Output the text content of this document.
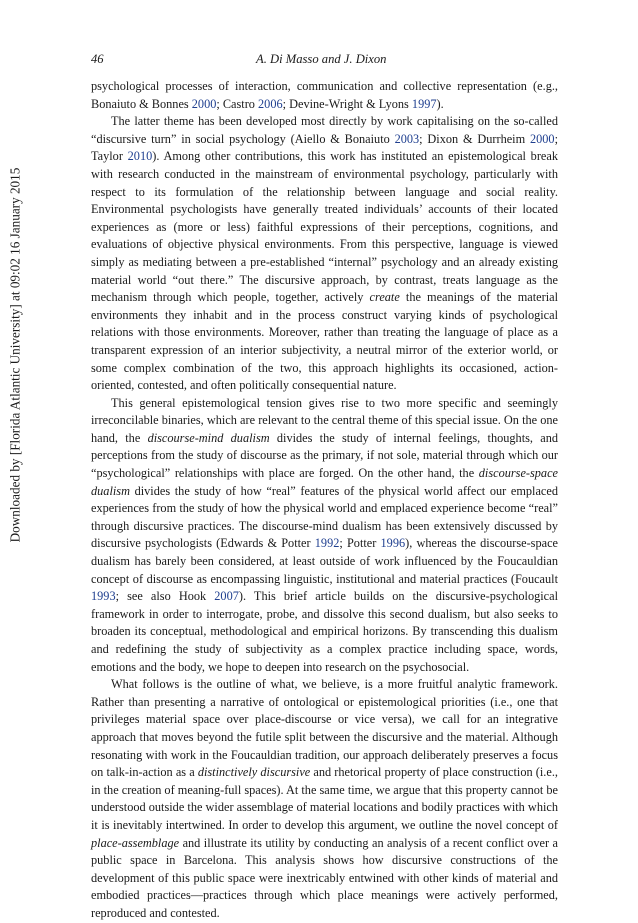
Downloaded by [Florida Atlantic University] at 09:02 16 January 2015
46	A. Di Masso and J. Dixon

psychological processes of interaction, communication and collective representation (e.g., Bonaiuto & Bonnes 2000; Castro 2006; Devine-Wright & Lyons 1997).

The latter theme has been developed most directly by work capitalising on the so-called “discursive turn” in social psychology (Aiello & Bonaiuto 2003; Dixon & Durrheim 2000; Taylor 2010). Among other contributions, this work has instituted an epistemological break with research conducted in the mainstream of environmental psychology, particularly with respect to its formulation of the relationship between language and social reality. Environmental psychologists have generally treated individuals’ accounts of their located experiences as (more or less) faithful expressions of their perceptions, cognitions, and evaluations of objective physical environments. From this perspective, language is viewed simply as mediating between a pre-established “internal” psychology and an already existing material world “out there.” The discursive approach, by contrast, treats language as the mechanism through which people, together, actively create the meanings of the material environments they inhabit and in the process construct varying kinds of psychological relations with those environments. Moreover, rather than treating the language of place as a transparent expression of an interior subjectivity, a neutral mirror of the exterior world, or some complex combination of the two, this approach highlights its occasioned, action-oriented, contested, and often politically consequential nature.

This general epistemological tension gives rise to two more specific and seemingly irreconcilable binaries, which are relevant to the central theme of this special issue. On the one hand, the discourse-mind dualism divides the study of internal feelings, thoughts, and perceptions from the study of discourse as the primary, if not sole, material through which our “psychological” relationships with place are forged. On the other hand, the discourse-space dualism divides the study of how “real” features of the physical world affect our emplaced experiences from the study of how the physical world and emplaced experience become “real” through discursive practices. The discourse-mind dualism has been extensively discussed by discursive psychologists (Edwards & Potter 1992; Potter 1996), whereas the discourse-space dualism has barely been considered, at least outside of work influenced by the Foucauldian concept of discourse as encompassing linguistic, institutional and material practices (Foucault 1993; see also Hook 2007). This brief article builds on the discursive-psychological framework in order to interrogate, probe, and dissolve this second dualism, but also seeks to broaden its conceptual, methodological and empirical horizons. By transcending this dualism and redefining the study of subjectivity as a complex practice including space, words, emotions and the body, we hope to deepen into research on the psychosocial.

What follows is the outline of what, we believe, is a more fruitful analytic framework. Rather than presenting a narrative of ontological or epistemological priorities (i.e., one that privileges material space over place-discourse or vice versa), we call for an integrative approach that moves beyond the futile split between the discursive and the material. Although resonating with work in the Foucauldian tradition, our approach deliberately preserves a focus on talk-in-action as a distinctively discursive and rhetorical property of place construction (i.e., in the creation of meaning-full spaces). At the same time, we argue that this property cannot be understood outside the wider assemblage of material locations and bodily practices with which it is inevitably intertwined. In order to develop this argument, we outline the novel concept of place-assemblage and illustrate its utility by conducting an analysis of a recent conflict over a public space in Barcelona. This analysis shows how discursive constructions of the development of this public space were inextricably entwined with other kinds of material and embodied practices—practices through which place meanings were actively performed, reproduced and contested.
